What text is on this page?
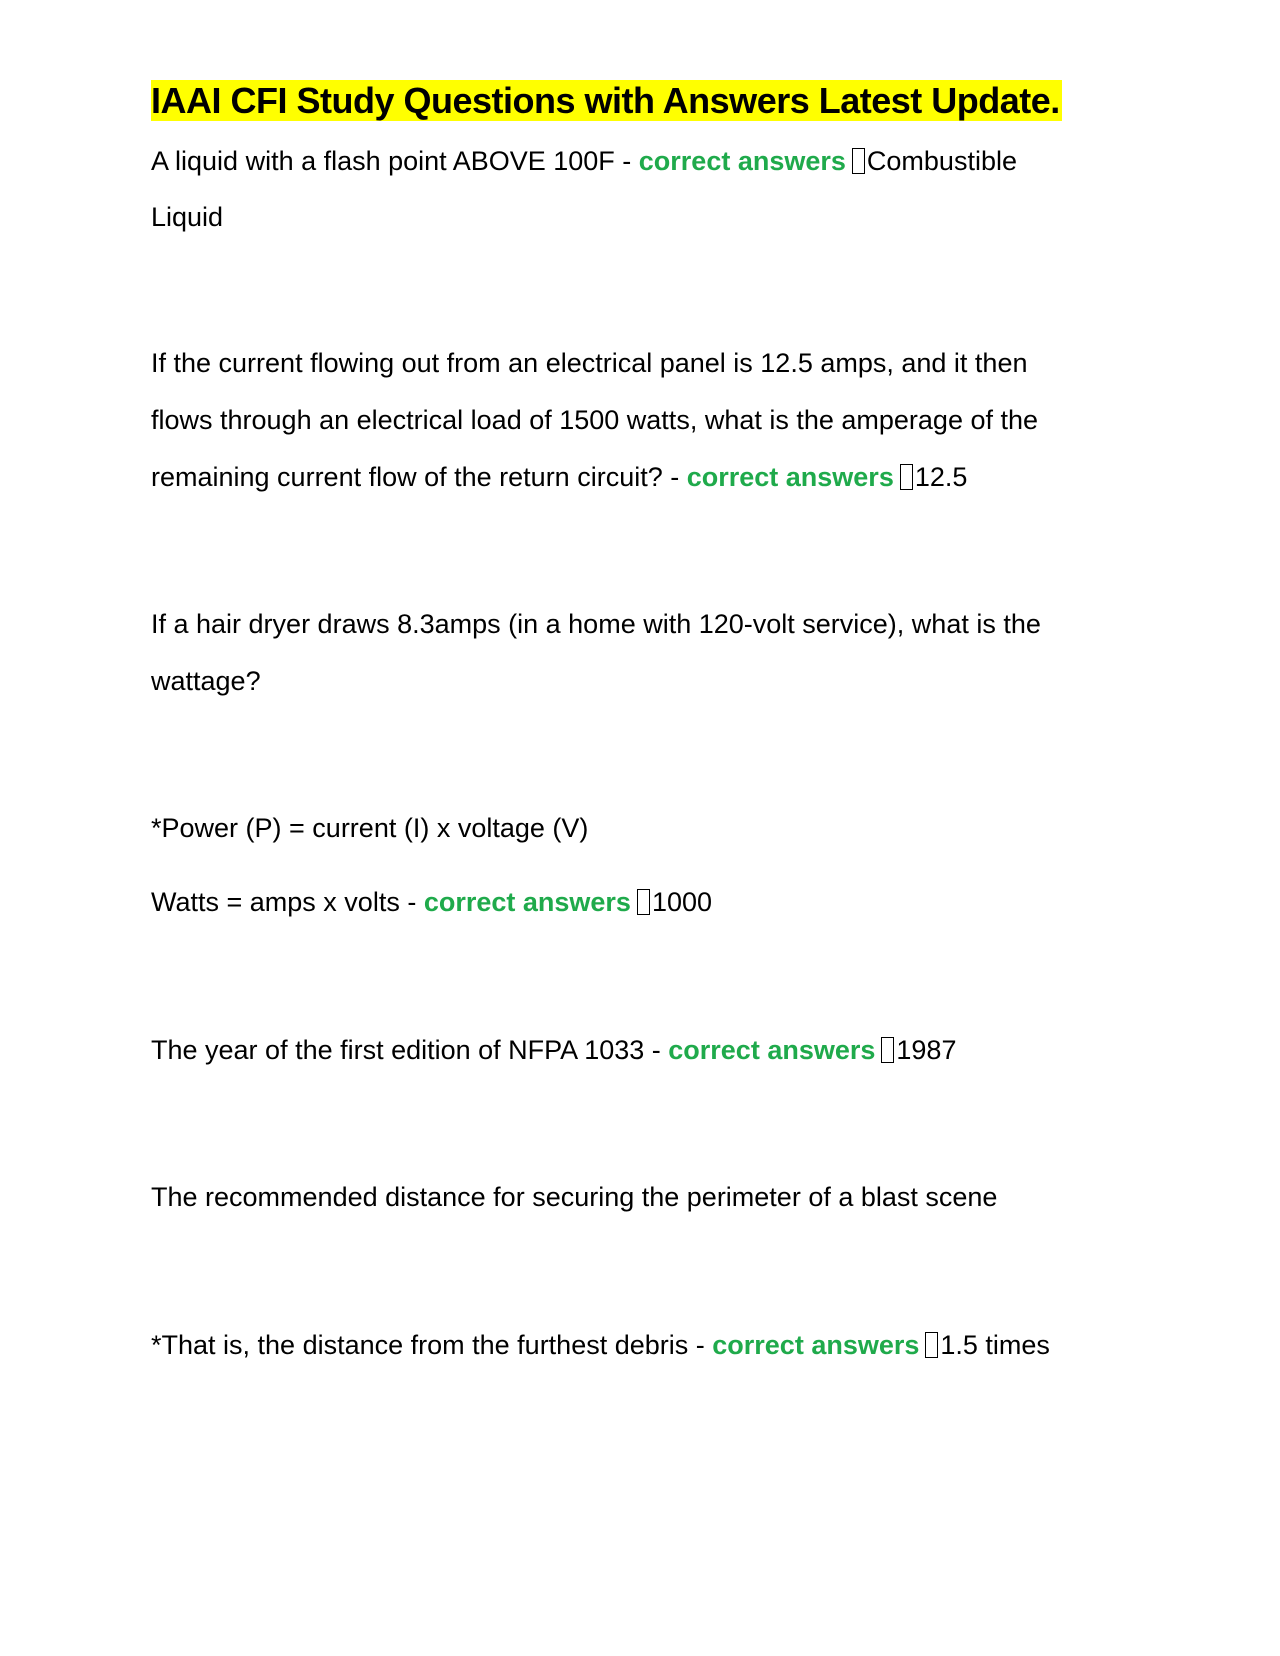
IAAI CFI Study Questions with Answers Latest Update.

A liquid with a flash point ABOVE 100F - correct answers Combustible

Liquid

If the current flowing out from an electrical panel is 12.5 amps, and it then

flows through an electrical load of 1500 watts, what is the amperage of the

remaining current flow of the return circuit? - correct answers 12.5

If a hair dryer draws 8.3amps (in a home with 120-volt service), what is the

wattage?

*Power (P) = current (I) x voltage (V)

Watts = amps x volts - correct answers 1000

The year of the first edition of NFPA 1033 - correct answers 1987

The recommended distance for securing the perimeter of a blast scene

*That is, the distance from the furthest debris - correct answers 1.5 times
